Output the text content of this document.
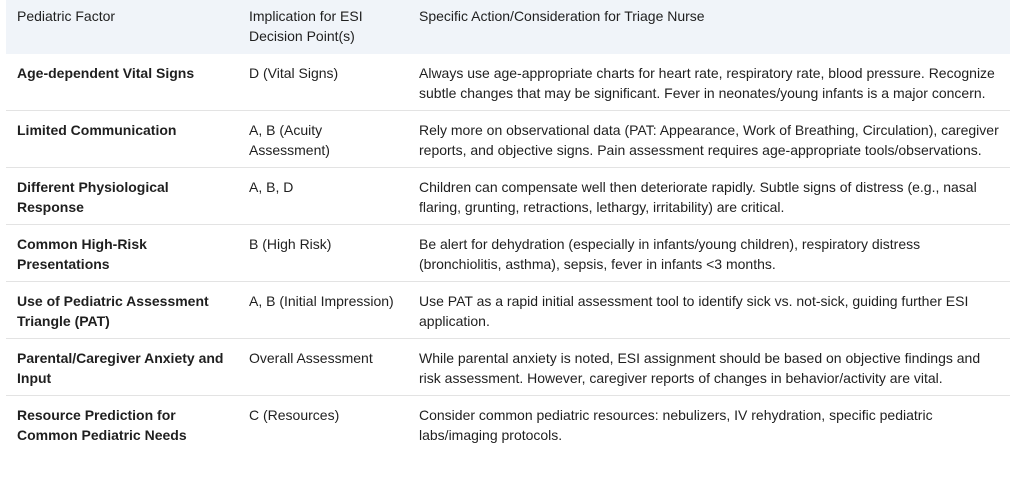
Pediatric Factor	Implication for ESI Decision Point(s)	Specific Action/Consideration for Triage Nurse
Age-dependent Vital Signs	D (Vital Signs)	Always use age-appropriate charts for heart rate, respiratory rate, blood pressure. Recognize subtle changes that may be significant. Fever in neonates/young infants is a major concern.
Limited Communication	A, B (Acuity Assessment)	Rely more on observational data (PAT: Appearance, Work of Breathing, Circulation), caregiver reports, and objective signs. Pain assessment requires age-appropriate tools/observations.
Different Physiological Response	A, B, D	Children can compensate well then deteriorate rapidly. Subtle signs of distress (e.g., nasal flaring, grunting, retractions, lethargy, irritability) are critical.
Common High-Risk Presentations	B (High Risk)	Be alert for dehydration (especially in infants/young children), respiratory distress (bronchiolitis, asthma), sepsis, fever in infants <3 months.
Use of Pediatric Assessment Triangle (PAT)	A, B (Initial Impression)	Use PAT as a rapid initial assessment tool to identify sick vs. not-sick, guiding further ESI application.
Parental/Caregiver Anxiety and Input	Overall Assessment	While parental anxiety is noted, ESI assignment should be based on objective findings and risk assessment. However, caregiver reports of changes in behavior/activity are vital.
Resource Prediction for Common Pediatric Needs	C (Resources)	Consider common pediatric resources: nebulizers, IV rehydration, specific pediatric labs/imaging protocols.
